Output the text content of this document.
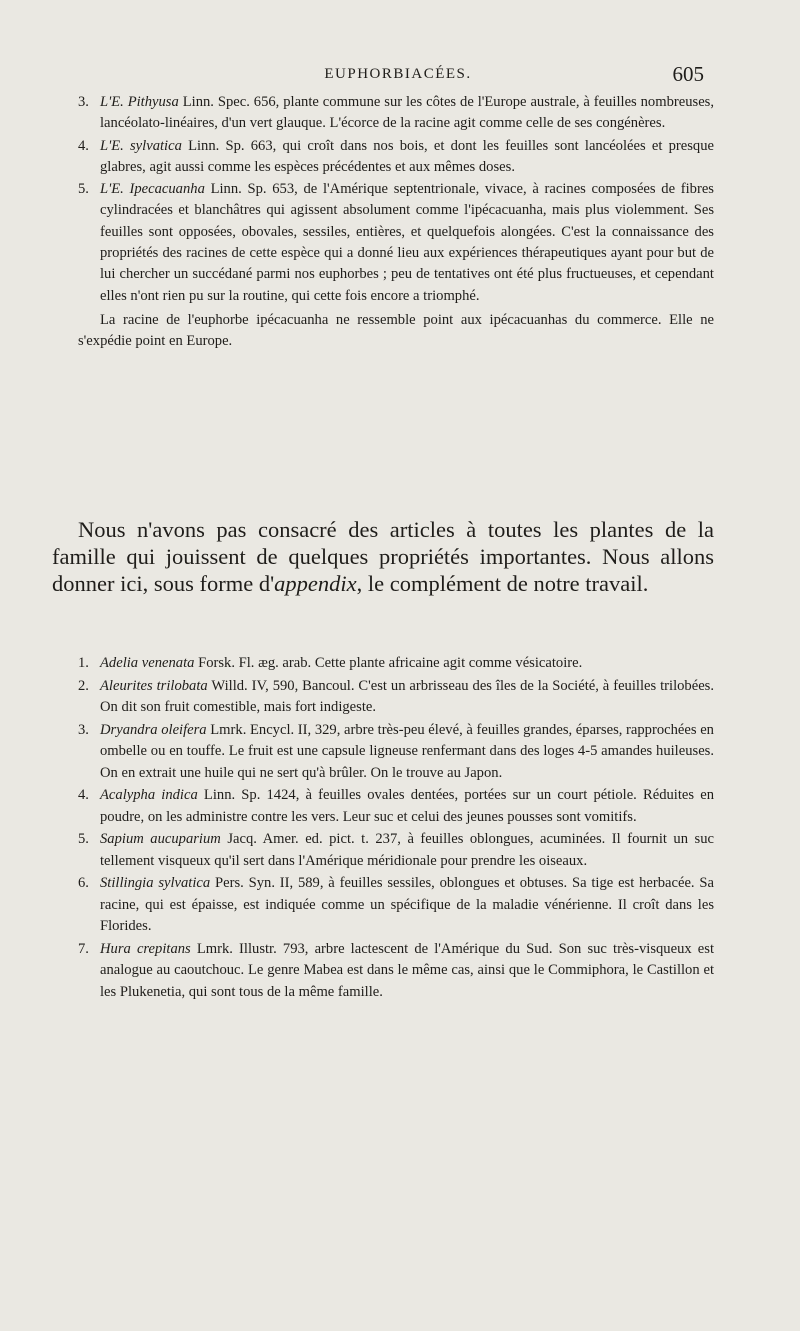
EUPHORBIACÉES.	605

3. L'E. Pithyusa Linn. Spec. 656, plante commune sur les côtes de l'Europe australe, à feuilles nombreuses, lancéolato-linéaires, d'un vert glauque. L'écorce de la racine agit comme celle de ses congénères.

4. L'E. sylvatica Linn. Sp. 663, qui croît dans nos bois, et dont les feuilles sont lancéolées et presque glabres, agit aussi comme les espèces précédentes et aux mêmes doses.

5. L'E. Ipecacuanha Linn. Sp. 653, de l'Amérique septentrionale, vivace, à racines composées de fibres cylindracées et blanchâtres qui agissent absolument comme l'ipécacuanha, mais plus violemment. Ses feuilles sont opposées, obovales, sessiles, entières, et quelquefois alongées. C'est la connaissance des propriétés des racines de cette espèce qui a donné lieu aux expériences thérapeutiques ayant pour but de lui chercher un succédané parmi nos euphorbes ; peu de tentatives ont été plus fructueuses, et cependant elles n'ont rien pu sur la routine, qui cette fois encore a triomphé.

La racine de l'euphorbe ipécacuanha ne ressemble point aux ipécacuanhas du commerce. Elle ne s'expédie point en Europe.

Nous n'avons pas consacré des articles à toutes les plantes de la famille qui jouissent de quelques propriétés importantes. Nous allons donner ici, sous forme d'appendix, le complément de notre travail.

1. Adelia venenata Forsk. Fl. æg. arab. Cette plante africaine agit comme vésicatoire.

2. Aleurites trilobata Willd. IV, 590, Bancoul. C'est un arbrisseau des îles de la Société, à feuilles trilobées. On dit son fruit comestible, mais fort indigeste.

3. Dryandra oleifera Lmrk. Encycl. II, 329, arbre très-peu élevé, à feuilles grandes, éparses, rapprochées en ombelle ou en touffe. Le fruit est une capsule ligneuse renfermant dans des loges 4-5 amandes huileuses. On en extrait une huile qui ne sert qu'à brûler. On le trouve au Japon.

4. Acalypha indica Linn. Sp. 1424, à feuilles ovales dentées, portées sur un court pétiole. Réduites en poudre, on les administre contre les vers. Leur suc et celui des jeunes pousses sont vomitifs.

5. Sapium aucuparium Jacq. Amer. ed. pict. t. 237, à feuilles oblongues, acuminées. Il fournit un suc tellement visqueux qu'il sert dans l'Amérique méridionale pour prendre les oiseaux.

6. Stillingia sylvatica Pers. Syn. II, 589, à feuilles sessiles, oblongues et obtuses. Sa tige est herbacée. Sa racine, qui est épaisse, est indiquée comme un spécifique de la maladie vénérienne. Il croît dans les Florides.

7. Hura crepitans Lmrk. Illustr. 793, arbre lactescent de l'Amérique du Sud. Son suc très-visqueux est analogue au caoutchouc. Le genre Mabea est dans le même cas, ainsi que le Commiphora, le Castillon et les Plukenetia, qui sont tous de la même famille.
